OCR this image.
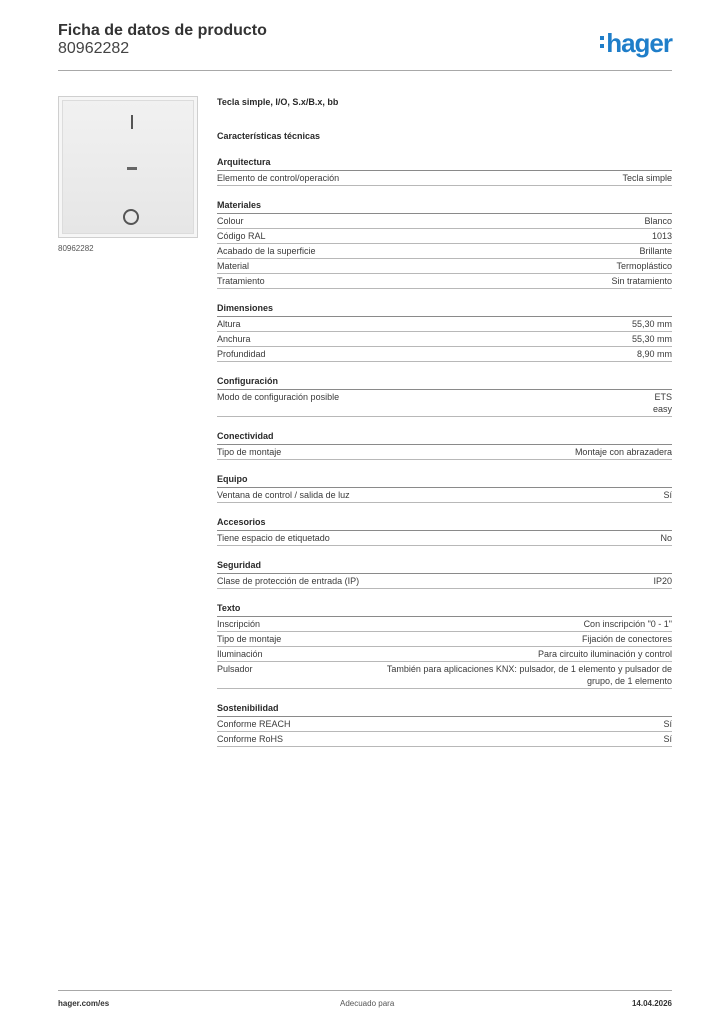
Ficha de datos de producto
80962282	hager
80962282
Tecla simple, I/O, S.x/B.x, bb
Características técnicas
Arquitectura
Elemento de control/operación	Tecla simple
Materiales
Colour	Blanco
Código RAL	1013
Acabado de la superficie	Brillante
Material	Termoplástico
Tratamiento	Sin tratamiento
Dimensiones
Altura	55,30 mm
Anchura	55,30 mm
Profundidad	8,90 mm
Configuración
Modo de configuración posible	ETS
easy
Conectividad
Tipo de montaje	Montaje con abrazadera
Equipo
Ventana de control / salida de luz	Sí
Accesorios
Tiene espacio de etiquetado	No
Seguridad
Clase de protección de entrada (IP)	IP20
Texto
Inscripción	Con inscripción "0 - 1"
Tipo de montaje	Fijación de conectores
Iluminación	Para circuito iluminación y control
Pulsador	También para aplicaciones KNX: pulsador, de 1 elemento y pulsador de
grupo, de 1 elemento
Sostenibilidad
Conforme REACH	Sí
Conforme RoHS	Sí
hager.com/es	Adecuado para	14.04.2026
